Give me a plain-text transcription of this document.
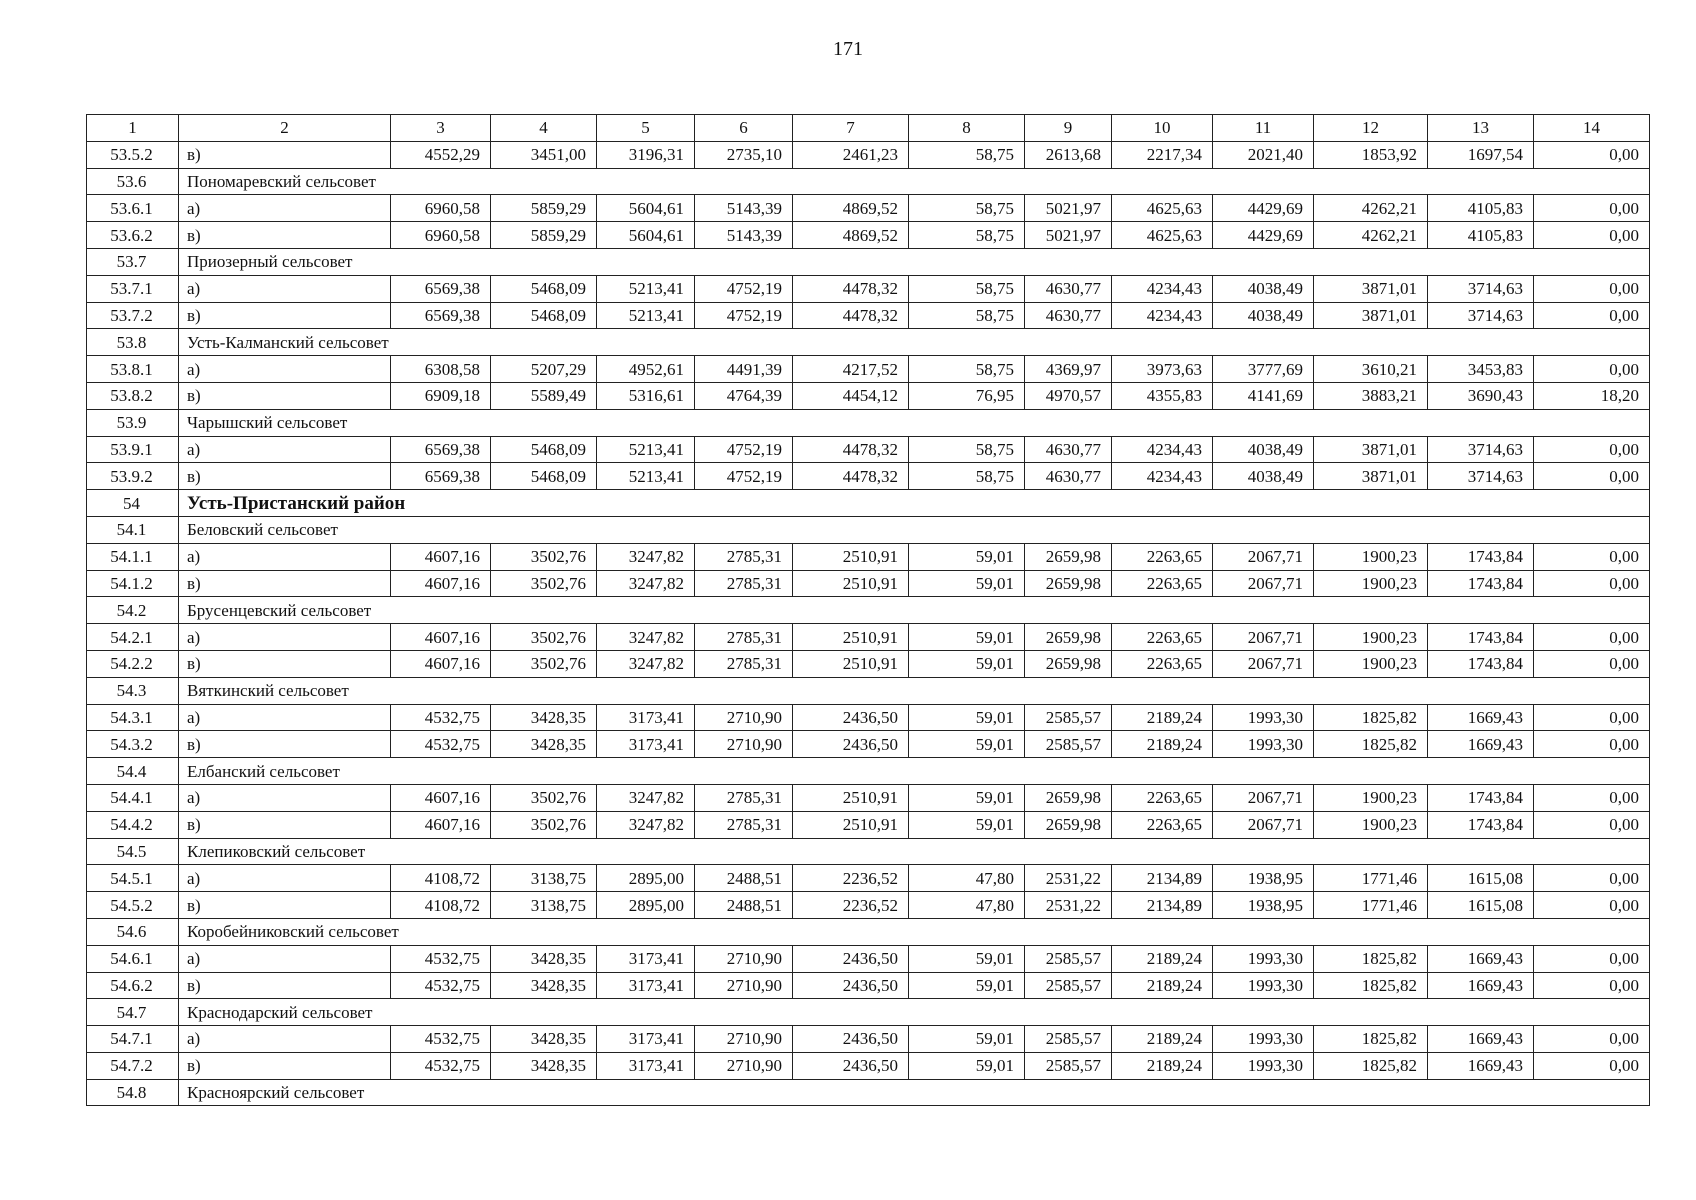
171
1	2	3	4	5	6	7	8	9	10	11	12	13	14
53.5.2	в)	4552,29	3451,00	3196,31	2735,10	2461,23	58,75	2613,68	2217,34	2021,40	1853,92	1697,54	0,00
53.6	Пономаревский сельсовет												
53.6.1	а)	6960,58	5859,29	5604,61	5143,39	4869,52	58,75	5021,97	4625,63	4429,69	4262,21	4105,83	0,00
53.6.2	в)	6960,58	5859,29	5604,61	5143,39	4869,52	58,75	5021,97	4625,63	4429,69	4262,21	4105,83	0,00
53.7	Приозерный сельсовет												
53.7.1	а)	6569,38	5468,09	5213,41	4752,19	4478,32	58,75	4630,77	4234,43	4038,49	3871,01	3714,63	0,00
53.7.2	в)	6569,38	5468,09	5213,41	4752,19	4478,32	58,75	4630,77	4234,43	4038,49	3871,01	3714,63	0,00
53.8	Усть-Калманский сельсовет												
53.8.1	а)	6308,58	5207,29	4952,61	4491,39	4217,52	58,75	4369,97	3973,63	3777,69	3610,21	3453,83	0,00
53.8.2	в)	6909,18	5589,49	5316,61	4764,39	4454,12	76,95	4970,57	4355,83	4141,69	3883,21	3690,43	18,20
53.9	Чарышский сельсовет												
53.9.1	а)	6569,38	5468,09	5213,41	4752,19	4478,32	58,75	4630,77	4234,43	4038,49	3871,01	3714,63	0,00
53.9.2	в)	6569,38	5468,09	5213,41	4752,19	4478,32	58,75	4630,77	4234,43	4038,49	3871,01	3714,63	0,00
54	Усть-Пристанский район												
54.1	Беловский сельсовет												
54.1.1	а)	4607,16	3502,76	3247,82	2785,31	2510,91	59,01	2659,98	2263,65	2067,71	1900,23	1743,84	0,00
54.1.2	в)	4607,16	3502,76	3247,82	2785,31	2510,91	59,01	2659,98	2263,65	2067,71	1900,23	1743,84	0,00
54.2	Брусенцевский сельсовет												
54.2.1	а)	4607,16	3502,76	3247,82	2785,31	2510,91	59,01	2659,98	2263,65	2067,71	1900,23	1743,84	0,00
54.2.2	в)	4607,16	3502,76	3247,82	2785,31	2510,91	59,01	2659,98	2263,65	2067,71	1900,23	1743,84	0,00
54.3	Вяткинский сельсовет												
54.3.1	а)	4532,75	3428,35	3173,41	2710,90	2436,50	59,01	2585,57	2189,24	1993,30	1825,82	1669,43	0,00
54.3.2	в)	4532,75	3428,35	3173,41	2710,90	2436,50	59,01	2585,57	2189,24	1993,30	1825,82	1669,43	0,00
54.4	Елбанский сельсовет												
54.4.1	а)	4607,16	3502,76	3247,82	2785,31	2510,91	59,01	2659,98	2263,65	2067,71	1900,23	1743,84	0,00
54.4.2	в)	4607,16	3502,76	3247,82	2785,31	2510,91	59,01	2659,98	2263,65	2067,71	1900,23	1743,84	0,00
54.5	Клепиковский сельсовет												
54.5.1	а)	4108,72	3138,75	2895,00	2488,51	2236,52	47,80	2531,22	2134,89	1938,95	1771,46	1615,08	0,00
54.5.2	в)	4108,72	3138,75	2895,00	2488,51	2236,52	47,80	2531,22	2134,89	1938,95	1771,46	1615,08	0,00
54.6	Коробейниковский сельсовет												
54.6.1	а)	4532,75	3428,35	3173,41	2710,90	2436,50	59,01	2585,57	2189,24	1993,30	1825,82	1669,43	0,00
54.6.2	в)	4532,75	3428,35	3173,41	2710,90	2436,50	59,01	2585,57	2189,24	1993,30	1825,82	1669,43	0,00
54.7	Краснодарский сельсовет												
54.7.1	а)	4532,75	3428,35	3173,41	2710,90	2436,50	59,01	2585,57	2189,24	1993,30	1825,82	1669,43	0,00
54.7.2	в)	4532,75	3428,35	3173,41	2710,90	2436,50	59,01	2585,57	2189,24	1993,30	1825,82	1669,43	0,00
54.8	Красноярский сельсовет												
